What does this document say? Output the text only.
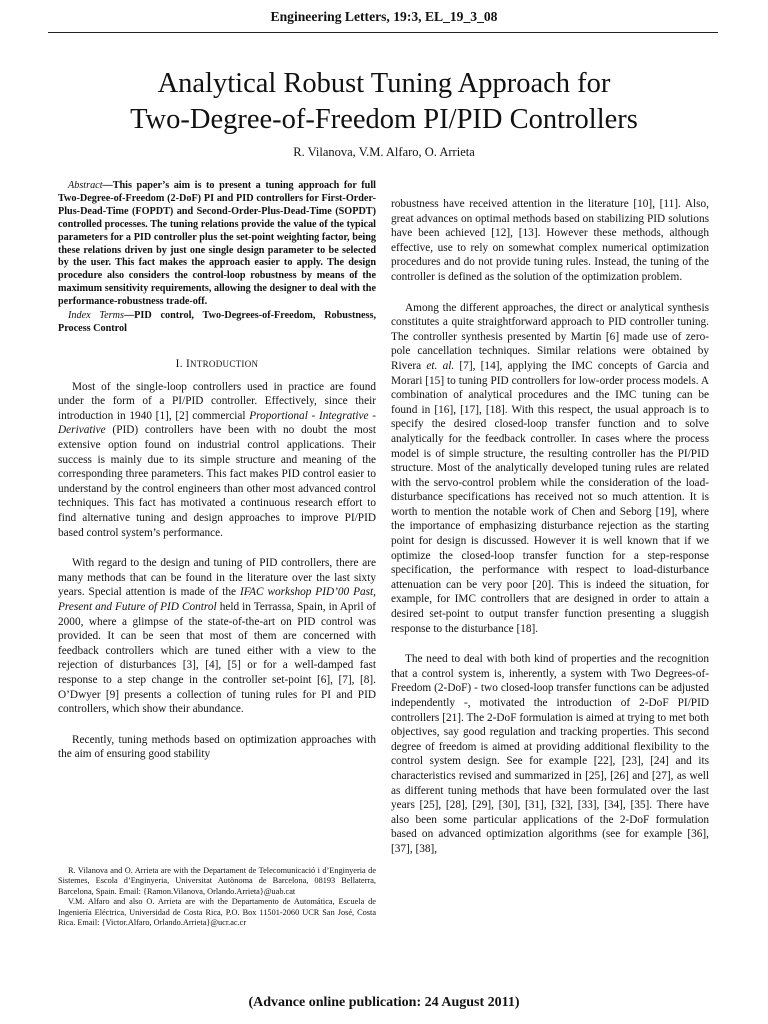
Engineering Letters, 19:3, EL_19_3_08
Analytical Robust Tuning Approach for
Two-Degree-of-Freedom PI/PID Controllers
R. Vilanova, V.M. Alfaro, O. Arrieta

Abstract—This paper’s aim is to present a tuning approach for full Two-Degree-of-Freedom (2-DoF) PI and PID controllers for First-Order-Plus-Dead-Time (FOPDT) and Second-Order-Plus-Dead-Time (SOPDT) controlled processes. The tuning relations provide the value of the typical parameters for a PID controller plus the set-point weighting factor, being these relations driven by just one single design parameter to be selected by the user. This fact makes the approach easier to apply. The design procedure also considers the control-loop robustness by means of the maximum sensitivity requirements, allowing the designer to deal with the performance-robustness trade-off.

Index Terms—PID control, Two-Degrees-of-Freedom, Robustness, Process Control

I. INTRODUCTION

Most of the single-loop controllers used in practice are found under the form of a PI/PID controller. Effectively, since their introduction in 1940 [1], [2] commercial Proportional - Integrative - Derivative (PID) controllers have been with no doubt the most extensive option found on industrial control applications. Their success is mainly due to its simple structure and meaning of the corresponding three parameters. This fact makes PID control easier to understand by the control engineers than other most advanced control techniques. This fact has motivated a continuous research effort to find alternative tuning and design approaches to improve PI/PID based control system’s performance.

With regard to the design and tuning of PID controllers, there are many methods that can be found in the literature over the last sixty years. Special attention is made of the IFAC workshop PID’00 Past, Present and Future of PID Control held in Terrassa, Spain, in April of 2000, where a glimpse of the state-of-the-art on PID control was provided. It can be seen that most of them are concerned with feedback controllers which are tuned either with a view to the rejection of disturbances [3], [4], [5] or for a well-damped fast response to a step change in the controller set-point [6], [7], [8]. O’Dwyer [9] presents a collection of tuning rules for PI and PID controllers, which show their abundance.

Recently, tuning methods based on optimization approaches with the aim of ensuring good stability

R. Vilanova and O. Arrieta are with the Departament de Telecomunicació i d’Enginyeria de Sistemes, Escola d’Enginyeria, Universitat Autònoma de Barcelona, 08193 Bellaterra, Barcelona, Spain. Email: {Ramon.Vilanova, Orlando.Arrieta}@uab.cat

V.M. Alfaro and also O. Arrieta are with the Departamento de Automática, Escuela de Ingeniería Eléctrica, Universidad de Costa Rica, P.O. Box 11501-2060 UCR San José, Costa Rica. Email: {Victor.Alfaro, Orlando.Arrieta}@ucr.ac.cr

robustness have received attention in the literature [10], [11]. Also, great advances on optimal methods based on stabilizing PID solutions have been achieved [12], [13]. However these methods, although effective, use to rely on somewhat complex numerical optimization procedures and do not provide tuning rules. Instead, the tuning of the controller is defined as the solution of the optimization problem.

Among the different approaches, the direct or analytical synthesis constitutes a quite straightforward approach to PID controller tuning. The controller synthesis presented by Martin [6] made use of zero-pole cancellation techniques. Similar relations were obtained by Rivera et. al. [7], [14], applying the IMC concepts of Garcia and Morari [15] to tuning PID controllers for low-order process models. A combination of analytical procedures and the IMC tuning can be found in [16], [17], [18]. With this respect, the usual approach is to specify the desired closed-loop transfer function and to solve analytically for the feedback controller. In cases where the process model is of simple structure, the resulting controller has the PI/PID structure. Most of the analytically developed tuning rules are related with the servo-control problem while the consideration of the load-disturbance specifications has received not so much attention. It is worth to mention the notable work of Chen and Seborg [19], where the importance of emphasizing disturbance rejection as the starting point for design is discussed. However it is well known that if we optimize the closed-loop transfer function for a step-response specification, the performance with respect to load-disturbance attenuation can be very poor [20]. This is indeed the situation, for example, for IMC controllers that are designed in order to attain a desired set-point to output transfer function presenting a sluggish response to the disturbance [18].

The need to deal with both kind of properties and the recognition that a control system is, inherently, a system with Two Degrees-of-Freedom (2-DoF) - two closed-loop transfer functions can be adjusted independently -, motivated the introduction of 2-DoF PI/PID controllers [21]. The 2-DoF formulation is aimed at trying to met both objectives, say good regulation and tracking properties. This second degree of freedom is aimed at providing additional flexibility to the control system design. See for example [22], [23], [24] and its characteristics revised and summarized in [25], [26] and [27], as well as different tuning methods that have been formulated over the last years [25], [28], [29], [30], [31], [32], [33], [34], [35]. There have also been some particular applications of the 2-DoF formulation based on advanced optimization algorithms (see for example [36], [37], [38],

(Advance online publication: 24 August 2011)
